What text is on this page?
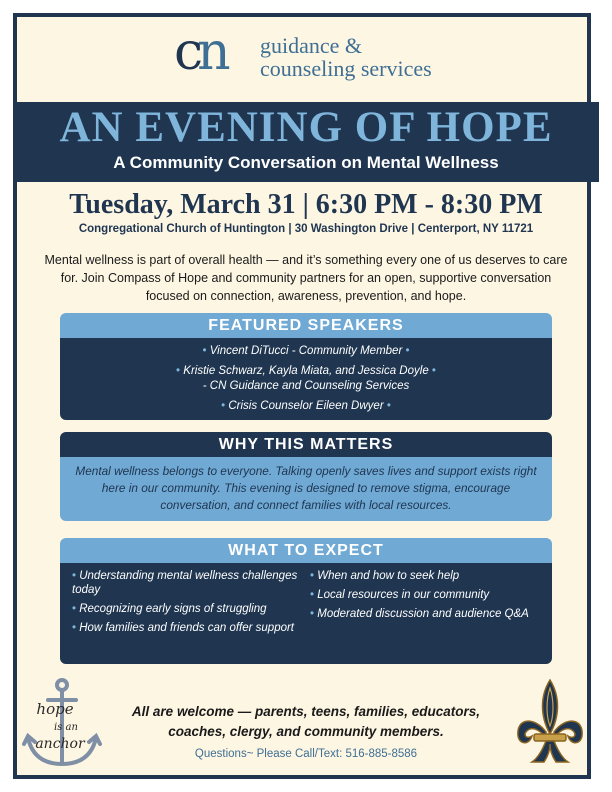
cn guidance &
counseling services
AN EVENING OF HOPE
A Community Conversation on Mental Wellness
Tuesday, March 31 | 6:30 PM - 8:30 PM
Congregational Church of Huntington | 30 Washington Drive | Centerport, NY 11721
Mental wellness is part of overall health — and it’s something every one of us deserves to care for. Join Compass of Hope and community partners for an open, supportive conversation focused on connection, awareness, prevention, and hope.
FEATURED SPEAKERS

• Vincent DiTucci - Community Member •

• Kristie Schwarz, Kayla Miata, and Jessica Doyle •

- CN Guidance and Counseling Services

• Crisis Counselor Eileen Dwyer •

WHY THIS MATTERS
Mental wellness belongs to everyone. Talking openly saves lives and support exists right here in our community. This evening is designed to remove stigma, encourage conversation, and connect families with local resources.
WHAT TO EXPECT
• Understanding mental wellness challenges today
• Recognizing early signs of struggling
• How families and friends can offer support
• When and how to seek help
• Local resources in our community
• Moderated discussion and audience Q&A
hope
is an
anchor
All are welcome — parents, teens, families, educators, coaches, clergy, and community members.
Questions~ Please Call/Text: 516-885-8586
